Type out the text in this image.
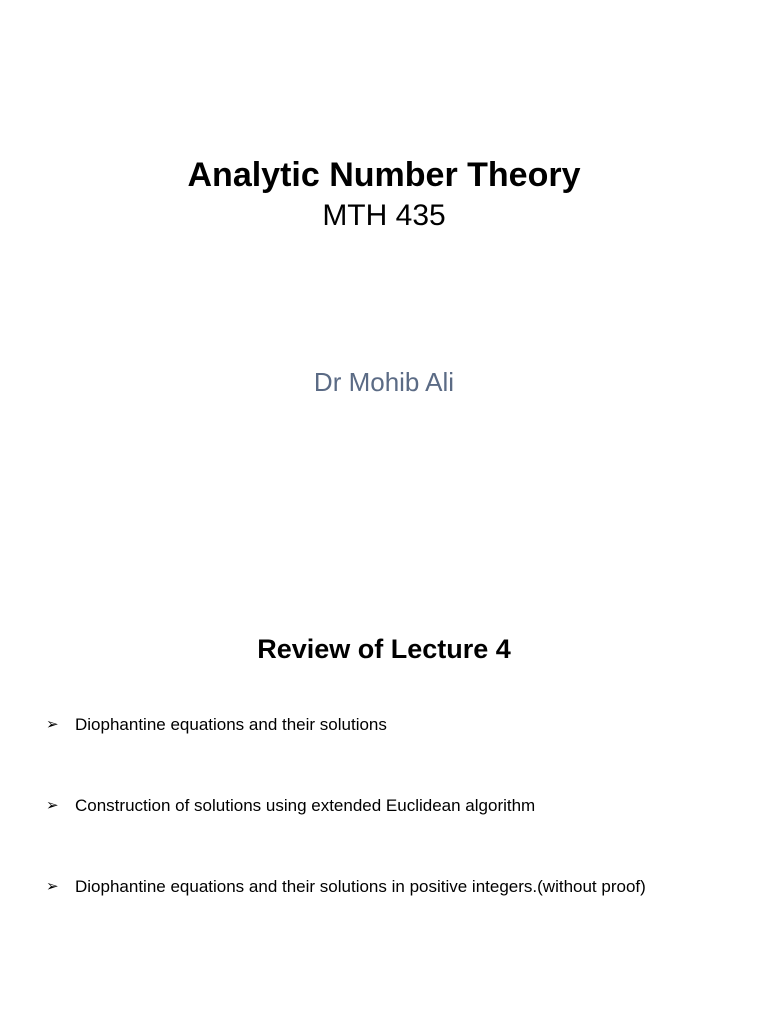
Analytic Number Theory
MTH 435
Dr Mohib Ali
Review of Lecture 4
➢ Diophantine equations and their solutions
➢ Construction of solutions using extended Euclidean algorithm
➢ Diophantine equations and their solutions in positive integers.(without proof)
